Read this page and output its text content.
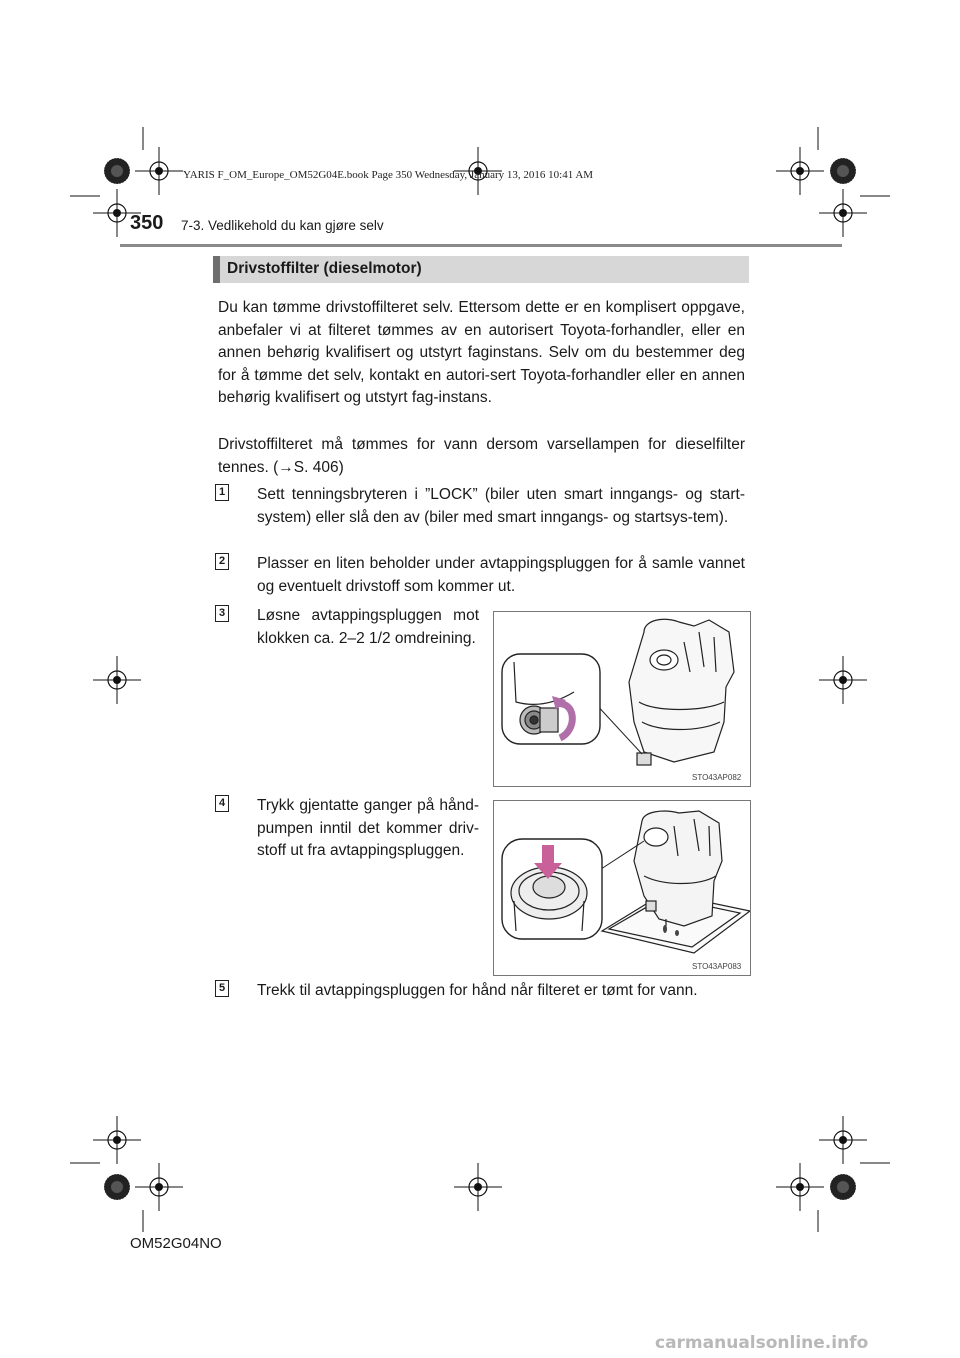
YARIS F_OM_Europe_OM52G04E.book Page 350 Wednesday, January 13, 2016 10:41 AM
350 7-3. Vedlikehold du kan gjøre selv
Drivstoffilter (dieselmotor)
Du kan tømme drivstoffilteret selv. Ettersom dette er en komplisert oppgave, anbefaler vi at filteret tømmes av en autorisert Toyota-forhandler, eller en annen behørig kvalifisert og utstyrt faginstans. Selv om du bestemmer deg for å tømme det selv, kontakt en autori-sert Toyota-forhandler eller en annen behørig kvalifisert og utstyrt fag-instans.
Drivstoffilteret må tømmes for vann dersom varsellampen for dieselfilter tennes. (→S. 406)
1 Sett tenningsbryteren i ”LOCK” (biler uten smart inngangs- og start-system) eller slå den av (biler med smart inngangs- og startsys-tem).
2 Plasser en liten beholder under avtappingspluggen for å samle vannet og eventuelt drivstoff som kommer ut.
3 Løsne avtappingspluggen mot klokken ca. 2–2 1/2 omdreining.
STO43AP082
4 Trykk gjentatte ganger på hånd-pumpen inntil det kommer driv-stoff ut fra avtappingspluggen.
STO43AP083
5 Trekk til avtappingspluggen for hånd når filteret er tømt for vann.
OM52G04NO
carmanualsonline.info
